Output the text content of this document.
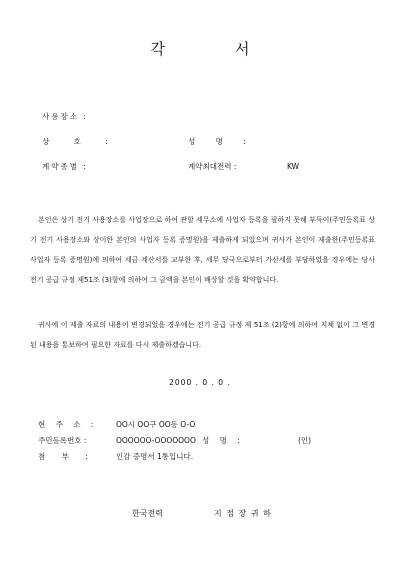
각서
사용장소 :
상 호 :	성 명 :
계약종별 :	계약최대전력 :	KW

본인은 상기 전기 사용장소를 사업장으로 하여 관할 세무소에 사업자 등록을 필하지 못해 부득이(주민등록표 상기 전기 사용장소와 상이한 본인의 사업자 등록 증명원)을 제출하게 되었으며 귀사가 본인이 제출한(주민등록표 사업자 등록 증명원)에 의하여 세금 계산서를 교부한 후, 세무 당국으로부터 가산세를 부담하였을 경우에는 당사 전기 공급 규정 제51조 (3)항에 의하여 그 금액을 본인이 배상할 것을 확약합니다.

귀사에 이 제출 자료의 내용이 변경되었을 경우에는 전기 공급 규정 제 51조 (2)항에 의하여 지체 없이 그 변경된 내용을 통보하여 필요한 자료를 다시 제출하겠습니다.

2000 . 0 . 0 .
현 주 소 :	OO시 OO구 OO동 O-O
주민등록번호 :	OOOOOO-OOOOOOO 성 명 :	(인)
첨 부 :	인감 증명서 1통입니다.
한국전력	지 점 장 귀 하
